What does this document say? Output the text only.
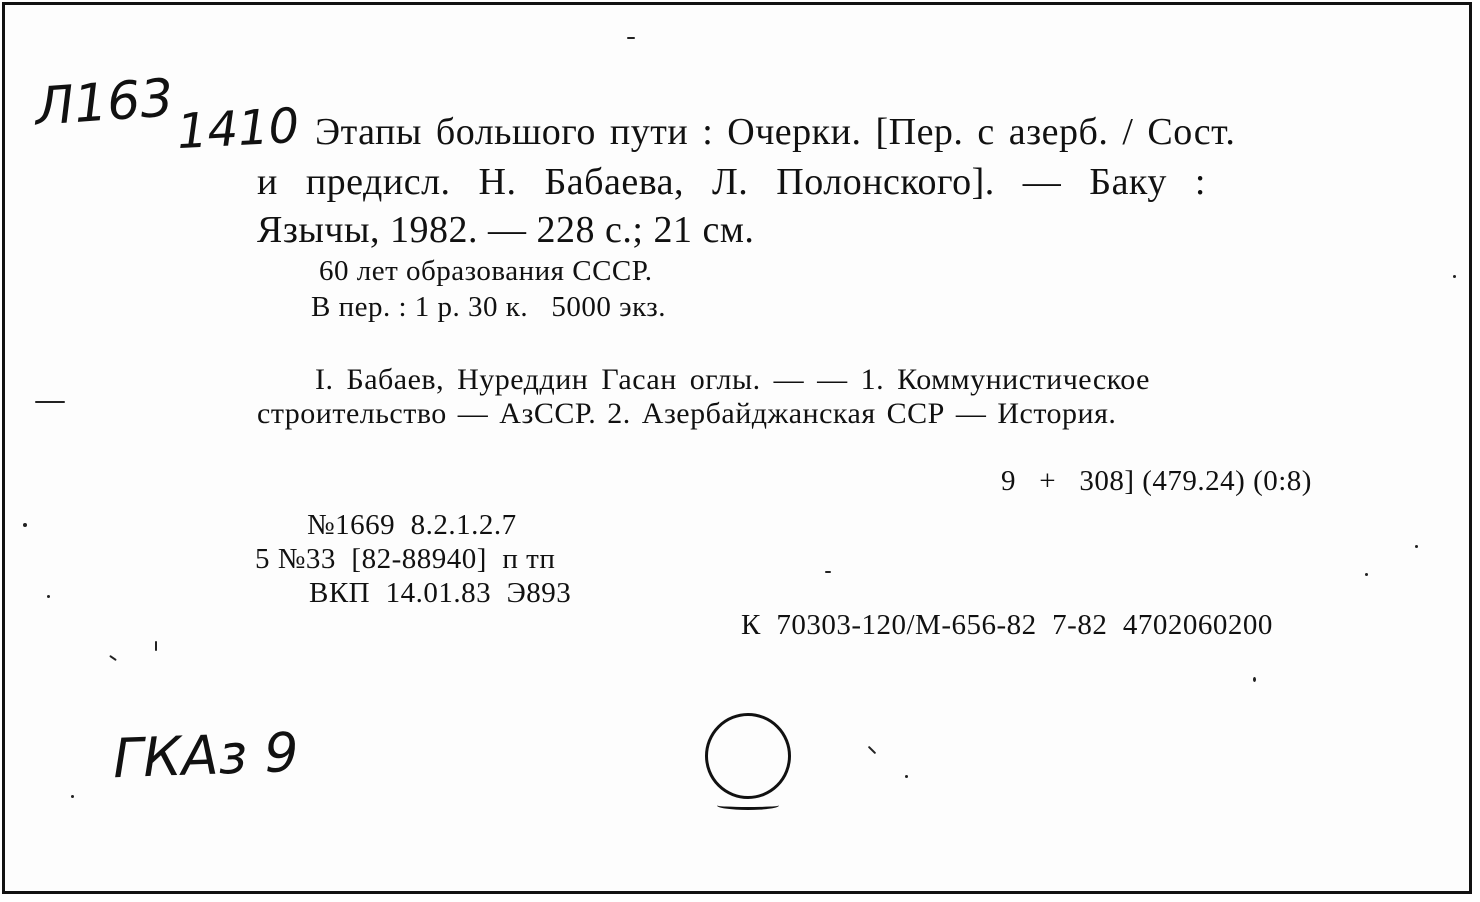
Л163 1410
ГКАз 9
Этапы большого пути : Очерки. [Пер. с азерб. / Сост.
и предисл. Н. Бабаева, Л. Полонского]. — Баку :
Язычы, 1982. — 228 с.; 21 см.
60 лет образования СССР.
В пер. : 1 р. 30 к.   5000 экз.
I. Бабаев, Нуреддин Гасан оглы. — — 1. Коммунистическое
строительство — АзССР. 2. Азербайджанская ССР — История.
9   +   308] (479.24) (0:8)
№1669  8.2.1.2.7
5 №33  [82-88940]  п тп
ВКП  14.01.83  Э893
К  70303-120/М-656-82  7-82  4702060200
